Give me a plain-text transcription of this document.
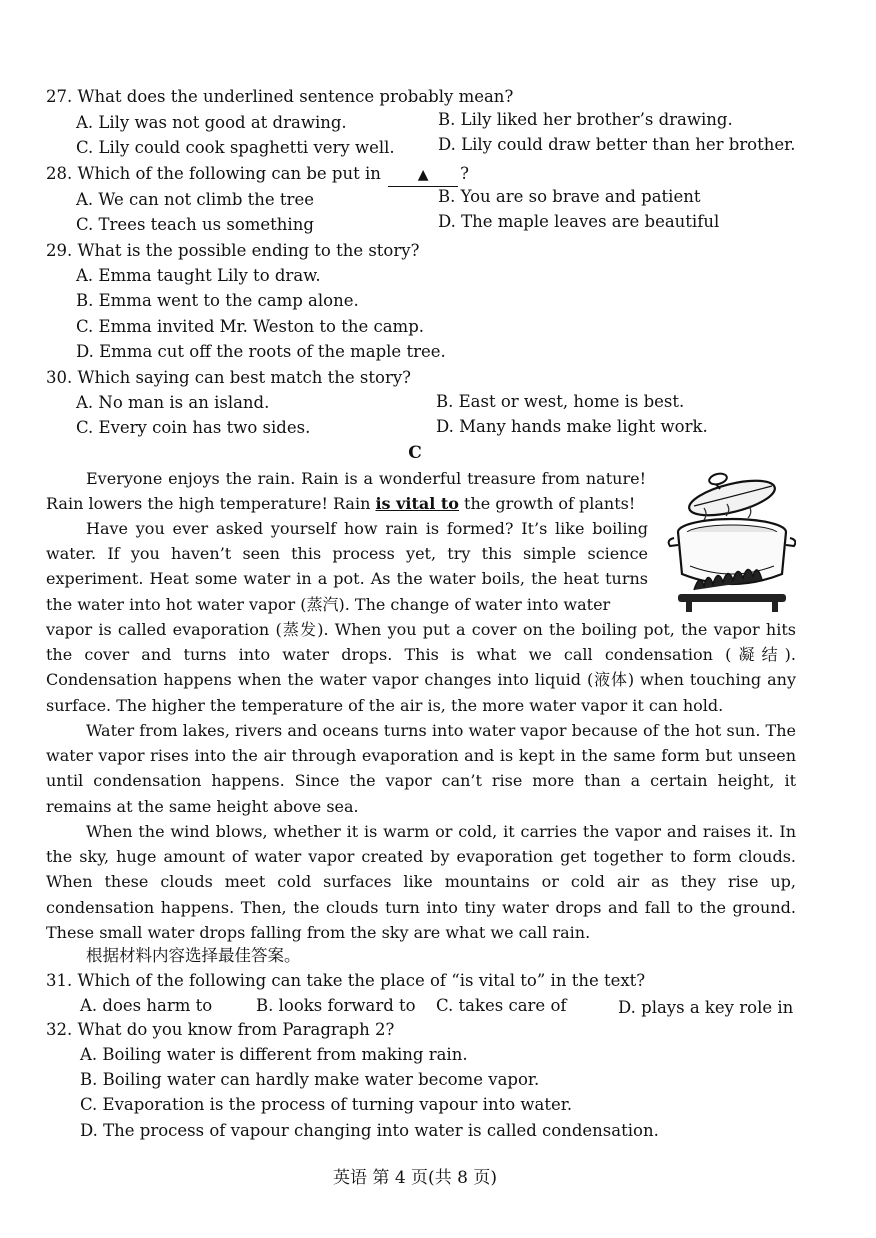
27. What does the underlined sentence probably mean?
A. Lily was not good at drawing.	B. Lily liked her brother’s drawing.
C. Lily could cook spaghetti very well.	D. Lily could draw better than her brother.
28. Which of the following can be put in	▲ ?
A. We can not climb the tree	B. You are so brave and patient
C. Trees teach us something	D. The maple leaves are beautiful
29. What is the possible ending to the story?
A. Emma taught Lily to draw.
B. Emma went to the camp alone.
C. Emma invited Mr. Weston to the camp.
D. Emma cut off the roots of the maple tree.
30. Which saying can best match the story?
A. No man is an island.	B. East or west, home is best.
C. Every coin has two sides.	D. Many hands make light work.
C
Everyone enjoys the rain. Rain is a wonderful treasure from nature! Rain lowers the high temperature! Rain is vital to the growth of plants!
Have you ever asked yourself how rain is formed? It’s like boiling water. If you haven’t seen this process yet, try this simple science experiment. Heat some water in a pot. As the water boils, the heat turns the water into hot water vapor (蒸汽). The change of water into water
vapor is called evaporation (蒸发). When you put a cover on the boiling pot, the vapor hits the cover and turns into water drops. This is what we call condensation (凝结). Condensation happens when the water vapor changes into liquid (液体) when touching any surface. The higher the temperature of the air is, the more water vapor it can hold.
Water from lakes, rivers and oceans turns into water vapor because of the hot sun. The water vapor rises into the air through evaporation and is kept in the same form but unseen until condensation happens. Since the vapor can’t rise more than a certain height, it remains at the same height above sea.
When the wind blows, whether it is warm or cold, it carries the vapor and raises it. In the sky, huge amount of water vapor created by evaporation get together to form clouds. When these clouds meet cold surfaces like mountains or cold air as they rise up, condensation happens. Then, the clouds turn into tiny water drops and fall to the ground. These small water drops falling from the sky are what we call rain.
根据材料内容选择最佳答案。
31. Which of the following can take the place of “is vital to” in the text?
A. does harm to	B. looks forward to C. takes care of	D. plays a key role in
32. What do you know from Paragraph 2?
A. Boiling water is different from making rain.
B. Boiling water can hardly make water become vapor.
C. Evaporation is the process of turning vapour into water.
D. The process of vapour changing into water is called condensation.
英语 第 4 页(共 8 页)
